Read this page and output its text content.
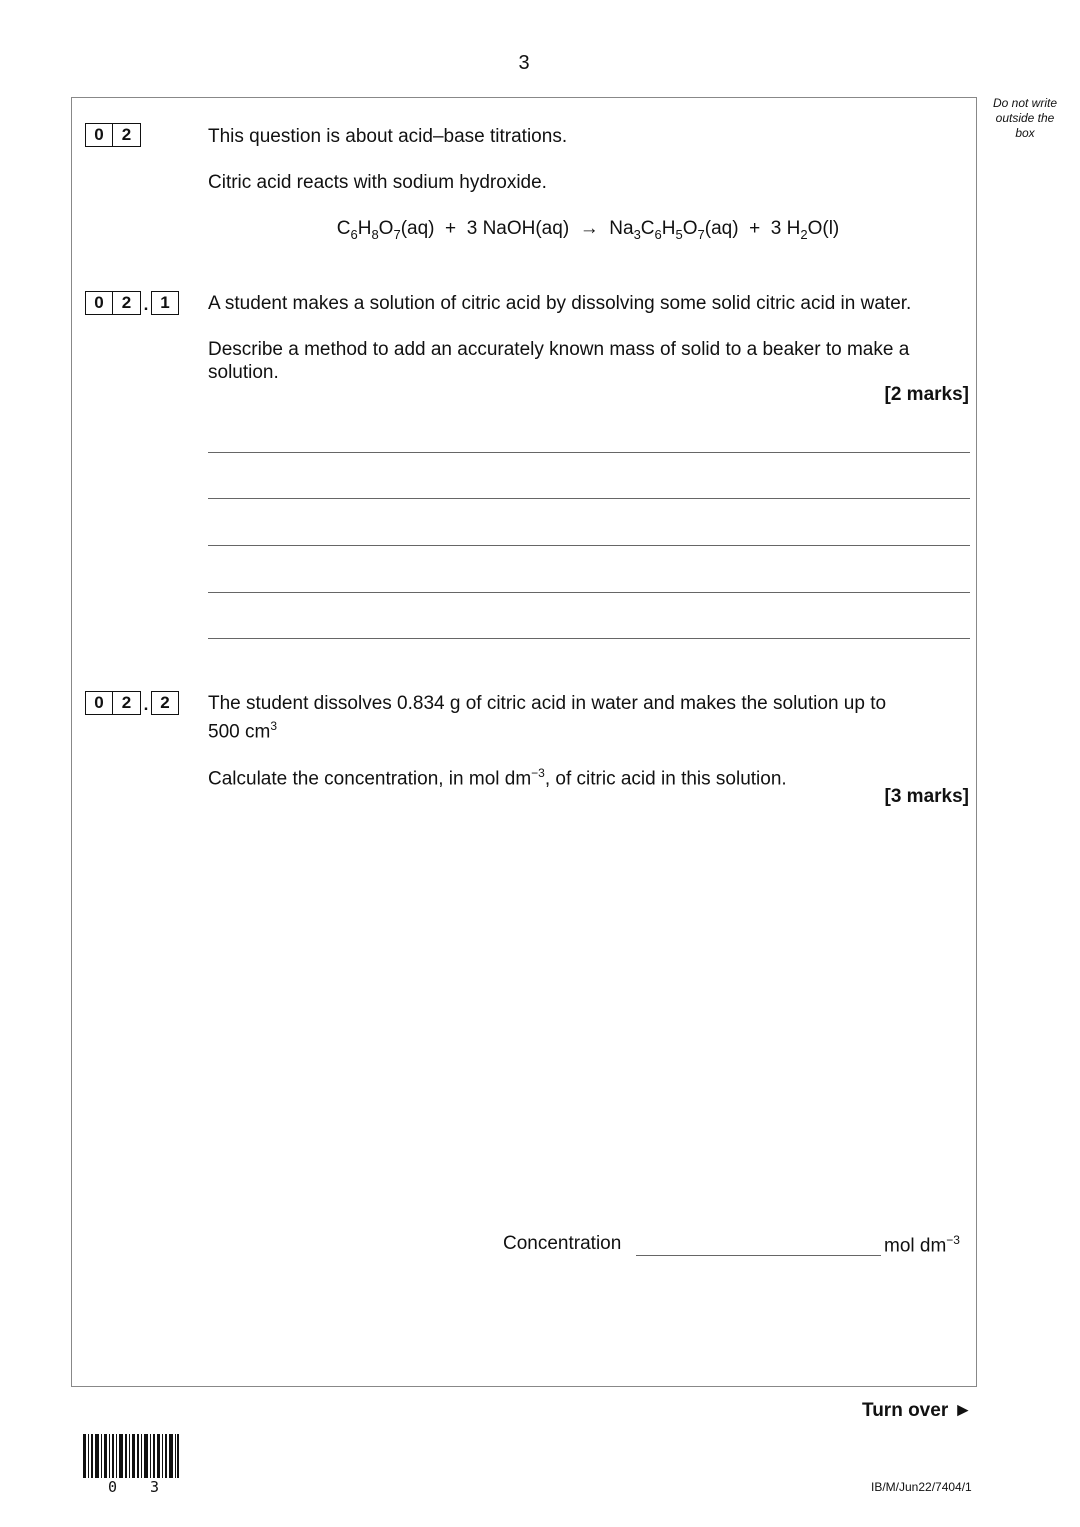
3
Do not write
outside the
box
0	2	This question is about acid–base titrations.
Citric acid reacts with sodium hydroxide.
$C_6H_8O_7(aq) + 3$ NaOH(aq) → $Na_3C_6H_5O_7(aq) + 3$ $H_2O(l)$
0	2 . 1	A student makes a solution of citric acid by dissolving some solid citric acid in water.
Describe a method to add an accurately known mass of solid to a beaker to make a solution.
[2 marks]
0	2 . 2	The student dissolves 0.834 g of citric acid in water and makes the solution up to
500 $cm^3$
Calculate the concentration, in mol $dm^{-3}$, of citric acid in this solution.
[3 marks]
Concentration	mol $dm^{-3}$
Turn over ►
0 3	IB/M/Jun22/7404/1
